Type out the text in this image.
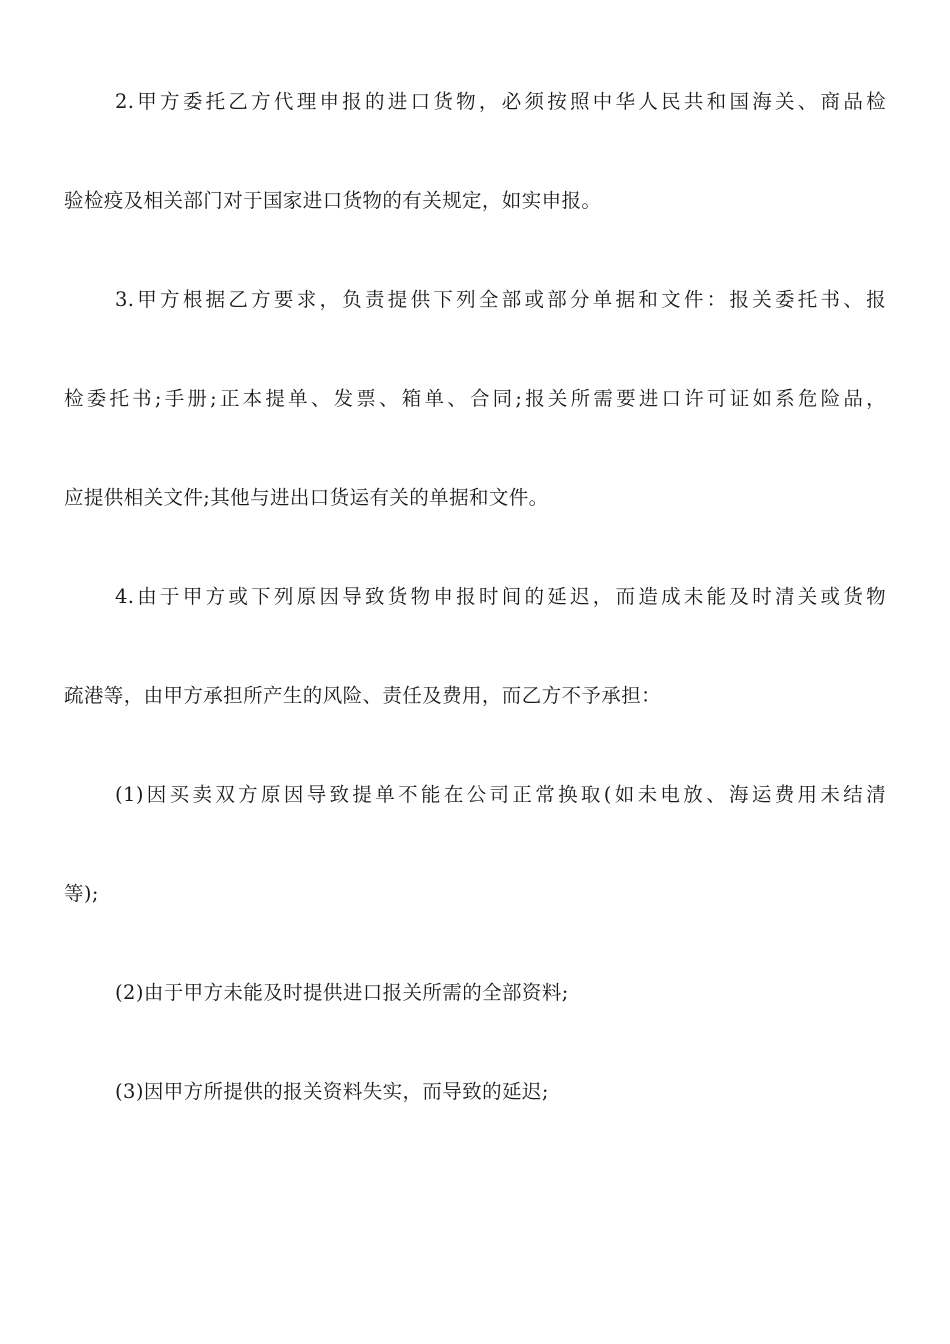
2.甲方委托乙方代理申报的进口货物，必须按照中华人民共和国海关、商品检
验检疫及相关部门对于国家进口货物的有关规定，如实申报。
3.甲方根据乙方要求，负责提供下列全部或部分单据和文件：报关委托书、报
检委托书;手册;正本提单、发票、箱单、合同;报关所需要进口许可证如系危险品，
应提供相关文件;其他与进出口货运有关的单据和文件。
4.由于甲方或下列原因导致货物申报时间的延迟，而造成未能及时清关或货物
疏港等，由甲方承担所产生的风险、责任及费用，而乙方不予承担：
(1)因买卖双方原因导致提单不能在公司正常换取(如未电放、海运费用未结清
等);
(2)由于甲方未能及时提供进口报关所需的全部资料;
(3)因甲方所提供的报关资料失实，而导致的延迟;
